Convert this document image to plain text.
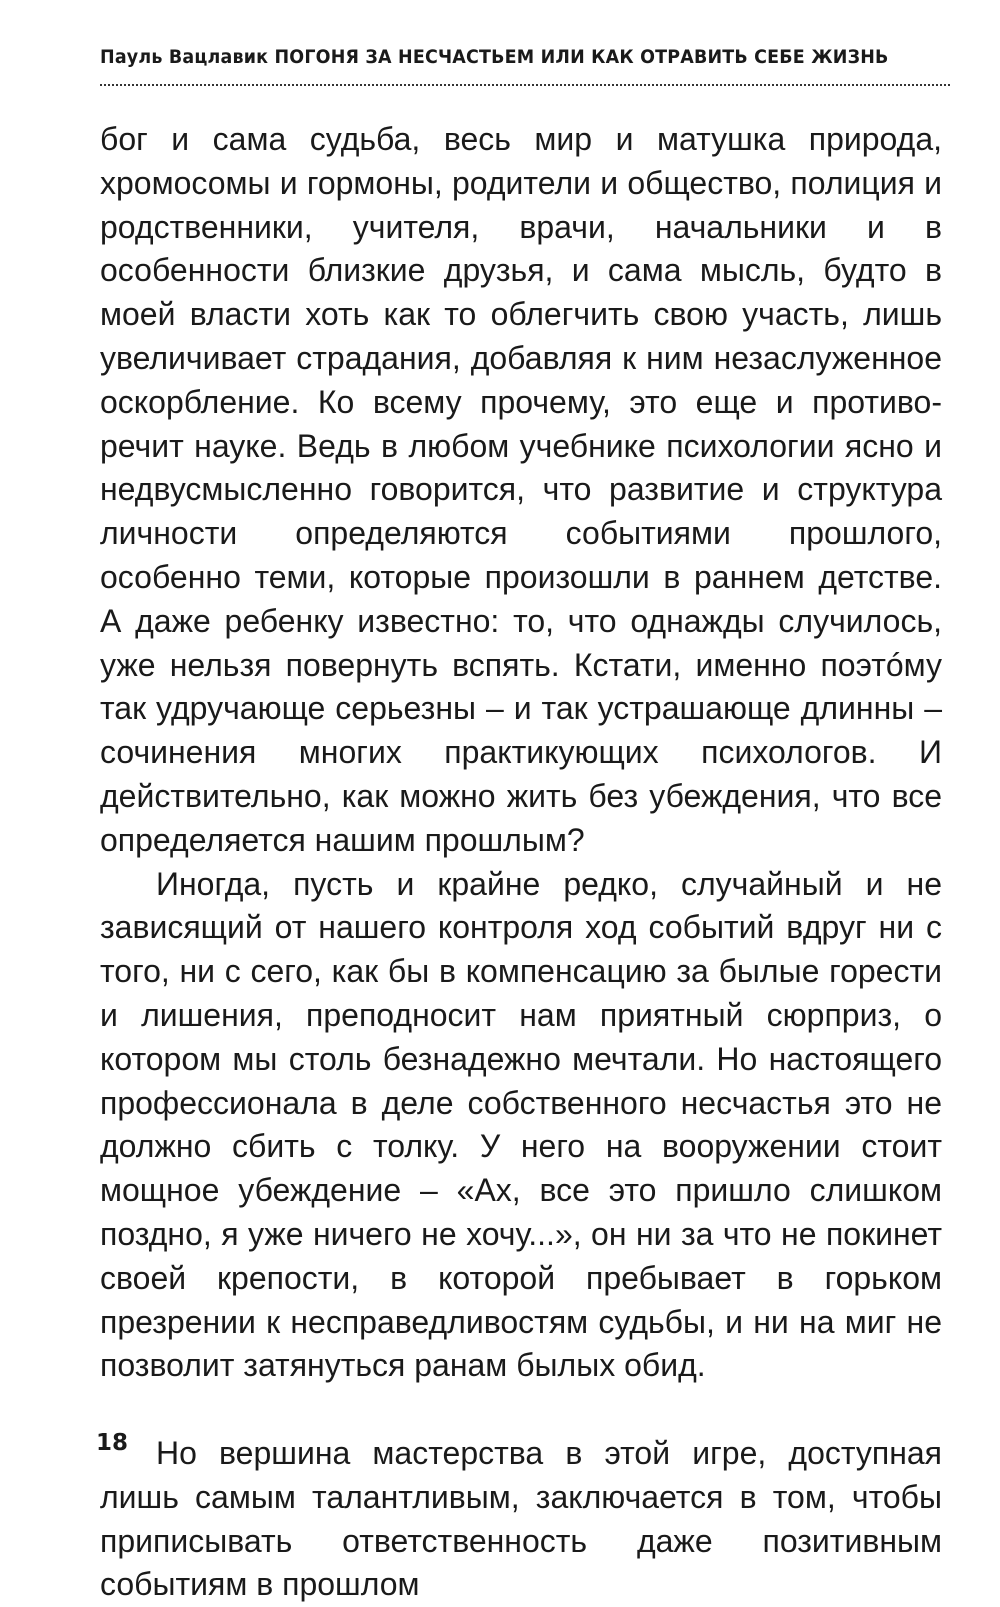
Пауль Вацлавик ПОГОНЯ ЗА НЕСЧАСТЬЕМ ИЛИ КАК ОТРАВИТЬ СЕБЕ ЖИЗНЬ

бог и сама судьба, весь мир и матушка природа, хромосомы и гормоны, родители и общество, полиция и родственники, учителя, врачи, начальники и в особенности близкие друзья, и сама мысль, будто в моей власти хоть как то облегчить свою участь, лишь увеличивает страдания, добавляя к ним незаслуженное оскорбление. Ко всему прочему, это еще и противоречит науке. Ведь в любом учебнике психологии ясно и недвусмысленно говорится, что развитие и структура личности определяются событиями прошлого, особенно теми, которые произошли в раннем детстве. А даже ребенку известно: то, что однажды случилось, уже нельзя повернуть вспять. Кстати, именно поэтóму так удручающе серьезны – и так устрашающе длинны – сочинения многих практикующих психологов. И действительно, как можно жить без убеждения, что все определяется нашим прошлым?

Иногда, пусть и крайне редко, случайный и не зависящий от нашего контроля ход событий вдруг ни с того, ни с сего, как бы в компенсацию за былые горести и лишения, преподносит нам приятный сюрприз, о котором мы столь безнадежно мечтали. Но настоящего профессионала в деле собственного несчастья это не должно сбить с толку. У него на вооружении стоит мощное убеждение – «Ах, все это пришло слишком поздно, я уже ничего не хочу...», он ни за что не покинет своей крепости, в которой пребывает в горьком презрении к несправедливостям судьбы, и ни на миг не позволит затянуться ранам былых обид.

Но вершина мастерства в этой игре, доступная лишь самым талантливым, заключается в том, чтобы приписывать ответственность даже позитивным событиям в прошлом

18
